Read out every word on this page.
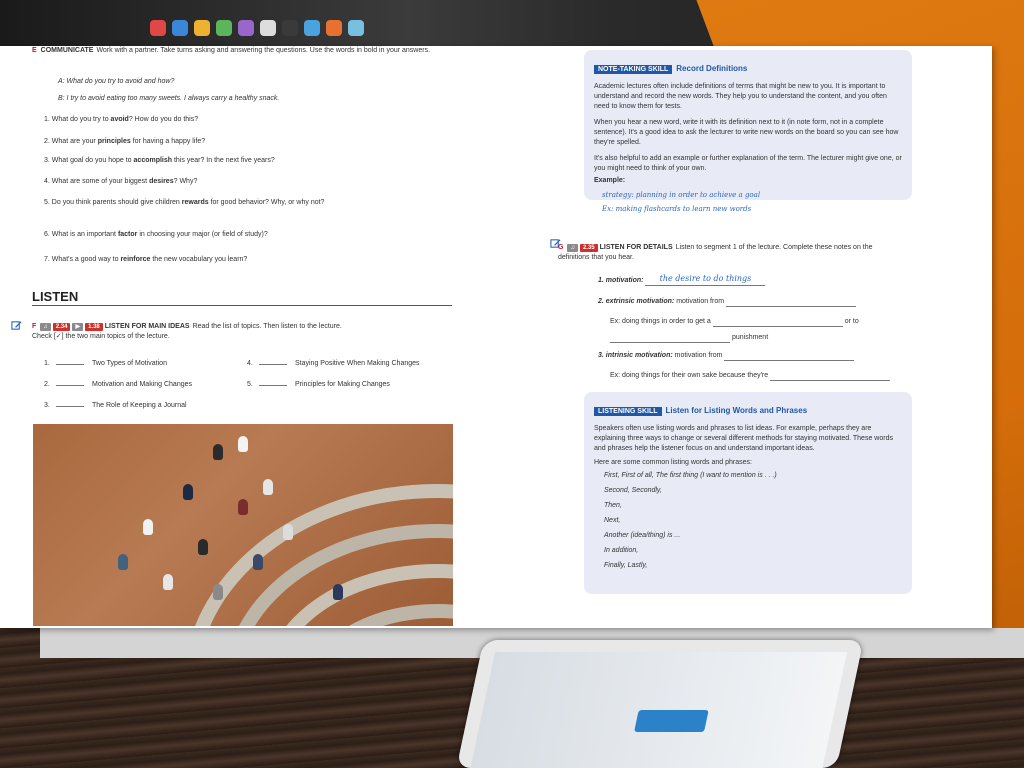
E COMMUNICATE Work with a partner. Take turns asking and answering the questions. Use the words in bold in your answers.
A: What do you try to avoid and how?
B: I try to avoid eating too many sweets. I always carry a healthy snack.
1. What do you try to avoid? How do you do this?
2. What are your principles for having a happy life?
3. What goal do you hope to accomplish this year? In the next five years?
4. What are some of your biggest desires? Why?
5. Do you think parents should give children rewards for good behavior? Why, or why not?
6. What is an important factor in choosing your major (or field of study)?
7. What's a good way to reinforce the new vocabulary you learn?
LISTEN
F ♫ 2.34 ▶ 1.38 LISTEN FOR MAIN IDEAS Read the list of topics. Then listen to the lecture. Check [✓] the two main topics of the lecture.
1.	Two Types of Motivation
2.	Motivation and Making Changes
3.	The Role of Keeping a Journal
4.	Staying Positive When Making Changes
5.	Principles for Making Changes
NOTE-TAKING SKILL Record Definitions
Academic lectures often include definitions of terms that might be new to you. It is important to understand and record the new words. They help you to understand the content, and you often need to know them for tests.
When you hear a new word, write it with its definition next to it (in note form, not in a complete sentence). It's a good idea to ask the lecturer to write new words on the board so you can see how they're spelled.
It's also helpful to add an example or further explanation of the term. The lecturer might give one, or you might need to think of your own.
Example:
strategy: planning in order to achieve a goal
Ex: making flashcards to learn new words
G ♫ 2.35 LISTEN FOR DETAILS Listen to segment 1 of the lecture. Complete these notes on the definitions that you hear.
1. motivation: the desire to do things
2. extrinsic motivation: motivation from
Ex: doing things in order to get a	or to
punishment
3. intrinsic motivation: motivation from
Ex: doing things for their own sake because they're
LISTENING SKILL Listen for Listing Words and Phrases
Speakers often use listing words and phrases to list ideas. For example, perhaps they are explaining three ways to change or several different methods for staying motivated. These words and phrases help the listener focus on and understand important ideas.
Here are some common listing words and phrases:
First, First of all, The first thing (I want to mention is . . .)
Second, Secondly,
Then,
Next,
Another (idea/thing) is ...
In addition,
Finally, Lastly,
